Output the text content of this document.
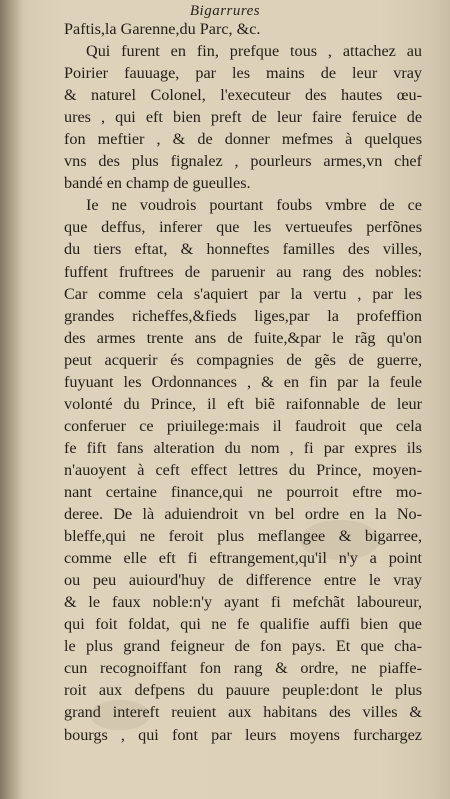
Bigarrures
Paftis,la Garenne,du Parc, &c.
Qui furent en fin, prefque tous , attachez au
Poirier fauuage, par les mains de leur vray
& naturel Colonel, l'executeur des hautes œu-
ures , qui eft bien preft de leur faire feruice de
fon meftier , & de donner mefmes à quelques
vns des plus fignalez , pourleurs armes,vn chef
bandé en champ de gueulles.
Ie ne voudrois pourtant foubs vmbre de ce
que deffus, inferer que les vertueufes perfõnes
du tiers eftat, & honneftes familles des villes,
fuffent fruftrees de paruenir au rang des nobles:
Car comme cela s'aquiert par la vertu , par les
grandes richeffes,&fieds liges,par la profeffion
des armes trente ans de fuite,&par le rãg qu'on
peut acquerir és compagnies de gẽs de guerre,
fuyuant les Ordonnances , & en fin par la feule
volonté du Prince, il eft biẽ raifonnable de leur
conferuer ce priuilege:mais il faudroit que cela
fe fift fans alteration du nom , fi par expres ils
n'auoyent à ceft effect lettres du Prince, moyen-
nant certaine finance,qui ne pourroit eftre mo-
deree. De là aduiendroit vn bel ordre en la No-
bleffe,qui ne feroit plus meflangee & bigarree,
comme elle eft fi eftrangement,qu'il n'y a point
ou peu auiourd'huy de difference entre le vray
& le faux noble:n'y ayant fi mefchãt laboureur,
qui foit foldat, qui ne fe qualifie auffi bien que
le plus grand feigneur de fon pays. Et que cha-
cun recognoiffant fon rang & ordre, ne piaffe-
roit aux defpens du pauure peuple:dont le plus
grand intereft reuient aux habitans des villes &
bourgs , qui font par leurs moyens furchargez
